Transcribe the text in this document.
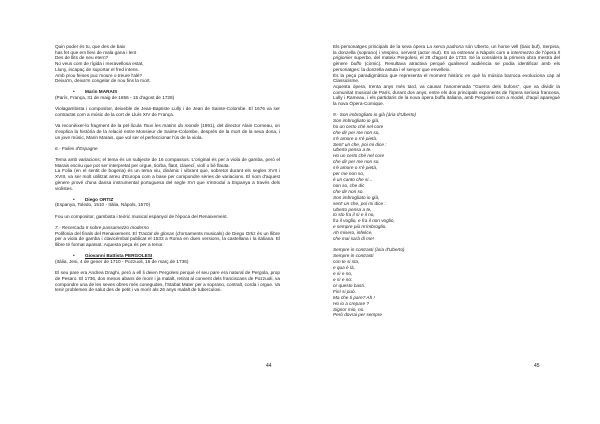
Quin poder és tu, que des de baix

has fet que em llevi de mala gana i lent

Des de llits de neu etern?

No veus com de rígida i meravellosa estat,

Lluny, incapaç de suportar el fred intens.

Amb prou feines puc moure o treure l'alè?

Deixa'm, deixa'm congelar de nou fins la mort.

•	Marin MARAIS

(París, França, 31 de maig de 1656 - 15 d'agost de 1728)

Violagambista i compositor, deixeble de Jean-Baptiste Lully i de Jean de Sainte-Colombe. El 1676 va ser contractat com a músic de la cort de Lluís XIV de França.

Va reconèixer-lo fragment de la pel·lícula Tous les matins du monde (1991), del director Alain Corneau, on s'explica la història de la relació entre Monsieur de Sainte-Colombe, després de la mort de la seva dona, i un jove músic, Marin Marais, que vol ser el perfeccionar l'ús de la viola.

6.- Folies d'Espagne

Tema amb variacions; el tema és un subjecte de 16 compassos. L'original és per a viola de gamba, però el Marais escriu que pot ser interpretat per orgue, tiorba, flaüt, clavecí, violí o bé flauta.

La Folia (en el sentit de bogeria) és un tema viu, dinàmic i vibrant que, sobretot durant els segles XVII i XVIII, va ser molt utilitzat arreu d'Europa com a base per compondre sèries de variacions. El nom d'aquest gènere prové d'una dansa instrumental portuguesa del segle XVI que s'introduí a Espanya a través dels violistes.

•	Diego ORTIZ

(Espanya, Toledo, 1510 - Itàlia, Nàpols, 1570)

Fou un compositor, gambista i teòric musical espanyol de l'època del Renaixement.

7.- Recercada II sobre passamezzo moderno

Polifonia del finals del Renaixement. El Tractat de glosas (d'ornaments musicals) de Diego Ortiz és un llibre per a viola de gamba i clavicèmbal publicat el 1533 a Roma en dues versions, la castellana i la italiana. El llibre té format apaïsat. Aquesta peça és per a tenor.

•	Giovanni Battista PERGOLESI

(Itàlia, Jesi, 4 de gener de 1710 - Pozzuoli, 16 de març de 1736)

El seu pare era Andrea Draghi, però a ell li deien Pergolesi perquè el seu pare era natural de Pergola, prop de Pesaro. El 1736, dos mesos abans de morir i ja malalt, retirat al convent dels franciscans de Pozzuoli, va compondre una de les seves obres més conegudes, l'Stabat Mater per a soprano, contralt, corda i orgue. Va tenir problemes de salut des de petit i va morir als 26 anys malalt de tuberculosi.

44

Els personatges principals de la seva òpera La serva padrona són Uberto, un home vell (baix buf), Serpina, la donzella (soprano) i Vespino, servent (actor mut). Es va estrenar a Nàpols com a intermezzo de l'òpera Il prigionier superbo, del mateix Pergolesi, el 28 d'agost de 1733. Se la considera la primera obra mestra del gènere buffo (còmic). Resultava atractiva perquè qualsevol audiència se podia identificar amb els personatges: la donzella astuta i el senyor que envelleix.

És la peça paradigmàtica que representa el moment històric en què la música barroca evoluciona cap al Classicisme.

Aquesta òpera, trenta anys més tard, va causar l'anomenada "Guerra dels bufons", que va dividir la comunitat musical de París, durant dos anys, entre els dos principals exponents de l'òpera seriosa francesa, Lully i Rameau, i els partidaris de la nova òpera buffa italiana, amb Pergolesi com a model, d'aquí apareguè la nova Òpera-Comique.

9.- Son imbrogliato io già (ària d'Uberto)

Son imbrogliato io già,

ho un certo chè nel core

che dir per me non so,

s'è amore o s'è pietà.

Sent' un che, poi mi dice :

Uberto pensa a te.

Ho un certo chè nel core

che dir per me non so,

s'è amore o s'è pietà,

per me non so,

è un canto che si...

non so, che dic

che dir non so.

Son imbrogliato io già,

sent' un che, poi mi dice :

Uberto pensa a te,

Io sto fra il sì e il no,

fra il voglio, e fra il non voglio,

e sempre più m'imbroglio.

Ah misero, infelice,

che mai sarà di me!

Sempre in contrasti (ària d'Uberto)

Sempre in contrasti

con te si sta,

e qua è là,

e sì e no,

e sì e no:

or questo basti.

Finì si può.

Ma che ti pare? Ah !

Ho io a crepare ?

Signor mio, no.

Però dovrai per sempre

45
